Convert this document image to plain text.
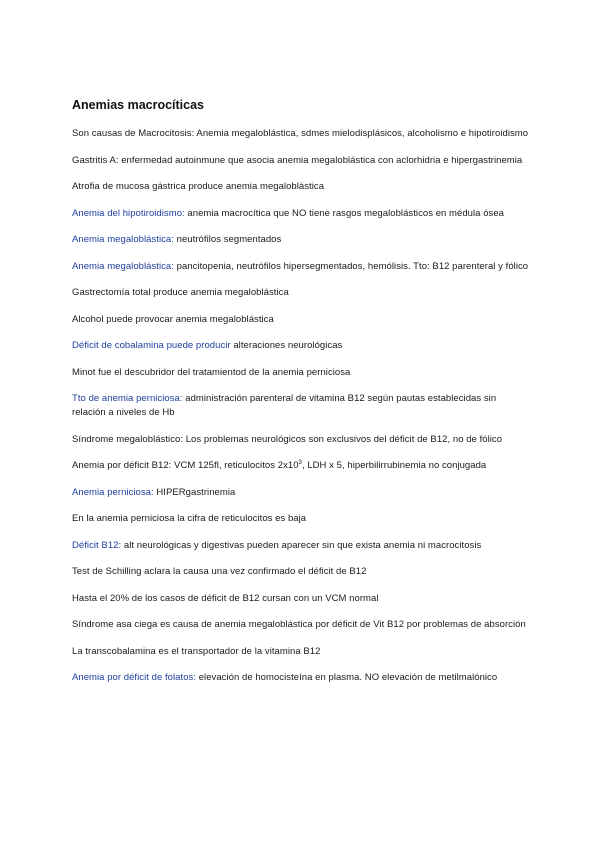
Anemias macrocíticas

Son causas de Macrocitosis: Anemia megaloblástica, sdmes mielodisplásicos, alcoholismo e hipotiroidismo

Gastritis A: enfermedad autoinmune que asocia anemia megaloblástica con aclorhidria e hipergastrinemia

Atrofia de mucosa gástrica produce anemia megaloblástica

Anemia del hipotiroidismo: anemia macrocítica que NO tiene rasgos megaloblásticos en médula ósea

Anemia megaloblástica: neutrófilos segmentados

Anemia megaloblástica: pancitopenia, neutrófilos hipersegmentados, hemólisis. Tto: B12 parenteral y fólico

Gastrectomía total produce anemia megaloblástica

Alcohol puede provocar anemia megaloblástica

Déficit de cobalamina puede producir alteraciones neurológicas

Minot fue el descubridor del tratamientod de la anemia perniciosa

Tto de anemia perniciosa: administración parenteral de vitamina B12 según pautas establecidas sin relación a niveles de Hb

Síndrome megaloblástico: Los problemas neurológicos son exclusivos del déficit de B12, no de fólico

Anemia por déficit B12: VCM 125fl, reticulocitos $2x10^3$, LDH x 5, hiperbilirrubinemia no conjugada

Anemia perniciosa: HIPERgastrinemia

En la anemia perniciosa la cifra de reticulocitos es baja

Déficit B12: alt neurológicas y digestivas pueden aparecer sin que exista anemia ni macrocitosis

Test de Schilling aclara la causa una vez confirmado el déficit de B12

Hasta el 20% de los casos de déficit de B12 cursan con un VCM normal

Síndrome asa ciega es causa de anemia megaloblástica por déficit de Vit B12 por problemas de absorción

La transcobalamina es el transportador de la vitamina B12

Anemia por déficit de folatos: elevación de homocisteína en plasma. NO elevación de metilmalónico
